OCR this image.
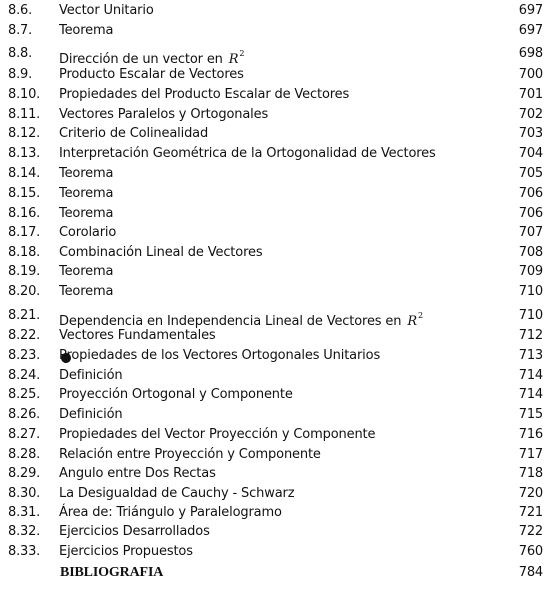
8.6. Vector Unitario	697
8.7. Teorema	697
8.8. Dirección de un vector en $R^2$	698
8.9. Producto Escalar de Vectores	700
8.10. Propiedades del Producto Escalar de Vectores	701
8.11. Vectores Paralelos y Ortogonales	702
8.12. Criterio de Colinealidad	703
8.13. Interpretación Geométrica de la Ortogonalidad de Vectores	704
8.14. Teorema	705
8.15. Teorema	706
8.16. Teorema	706
8.17. Corolario	707
8.18. Combinación Lineal de Vectores	708
8.19. Teorema	709
8.20. Teorema	710
8.21. Dependencia en Independencia Lineal de Vectores en $R^2$	710
8.22. Vectores Fundamentales	712
8.23. Propiedades de los Vectores Ortogonales Unitarios	713
8.24. Definición	714
8.25. Proyección Ortogonal y Componente	714
8.26. Definición	715
8.27. Propiedades del Vector Proyección y Componente	716
8.28. Relación entre Proyección y Componente	717
8.29. Angulo entre Dos Rectas	718
8.30. La Desigualdad de Cauchy - Schwarz	720
8.31. Área de: Triángulo y Paralelogramo	721
8.32. Ejercicios Desarrollados	722
8.33. Ejercicios Propuestos	760
BIBLIOGRAFIA	784
